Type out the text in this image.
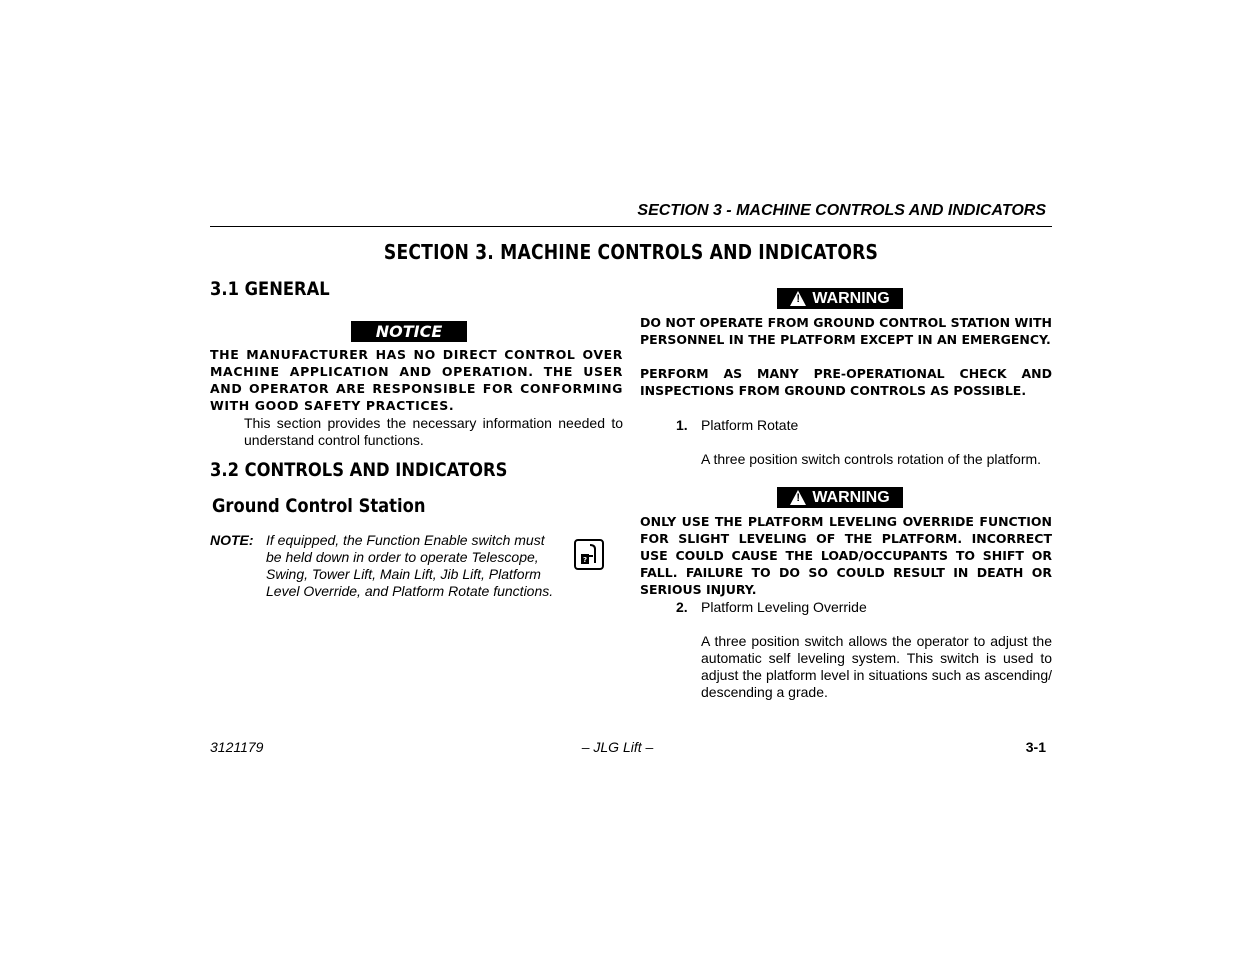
SECTION 3 - MACHINE CONTROLS AND INDICATORS
SECTION 3. MACHINE CONTROLS AND INDICATORS
3.1 GENERAL
NOTICE
THE MANUFACTURER HAS NO DIRECT CONTROL OVER MACHINE APPLICATION AND OPERATION. THE USER AND OPERATOR ARE RESPONSIBLE FOR CONFORMING WITH GOOD SAFETY PRACTICES.
This section provides the necessary information needed to understand control functions.
3.2 CONTROLS AND INDICATORS
Ground Control Station
NOTE: If equipped, the Function Enable switch must be held down in order to operate Telescope, Swing, Tower Lift, Main Lift, Jib Lift, Platform Level Override, and Platform Rotate functions.
?
! WARNING
DO NOT OPERATE FROM GROUND CONTROL STATION WITH PERSONNEL IN THE PLATFORM EXCEPT IN AN EMERGENCY.
PERFORM AS MANY PRE-OPERATIONAL CHECK AND INSPECTIONS FROM GROUND CONTROLS AS POSSIBLE.
1. Platform Rotate
A three position switch controls rotation of the platform.
! WARNING
ONLY USE THE PLATFORM LEVELING OVERRIDE FUNCTION FOR SLIGHT LEVELING OF THE PLATFORM. INCORRECT USE COULD CAUSE THE LOAD/OCCUPANTS TO SHIFT OR FALL. FAILURE TO DO SO COULD RESULT IN DEATH OR SERIOUS INJURY.
2. Platform Leveling Override
A three position switch allows the operator to adjust the automatic self leveling system. This switch is used to adjust the platform level in situations such as ascending/ descending a grade.
3121179	– JLG Lift –	3-1
